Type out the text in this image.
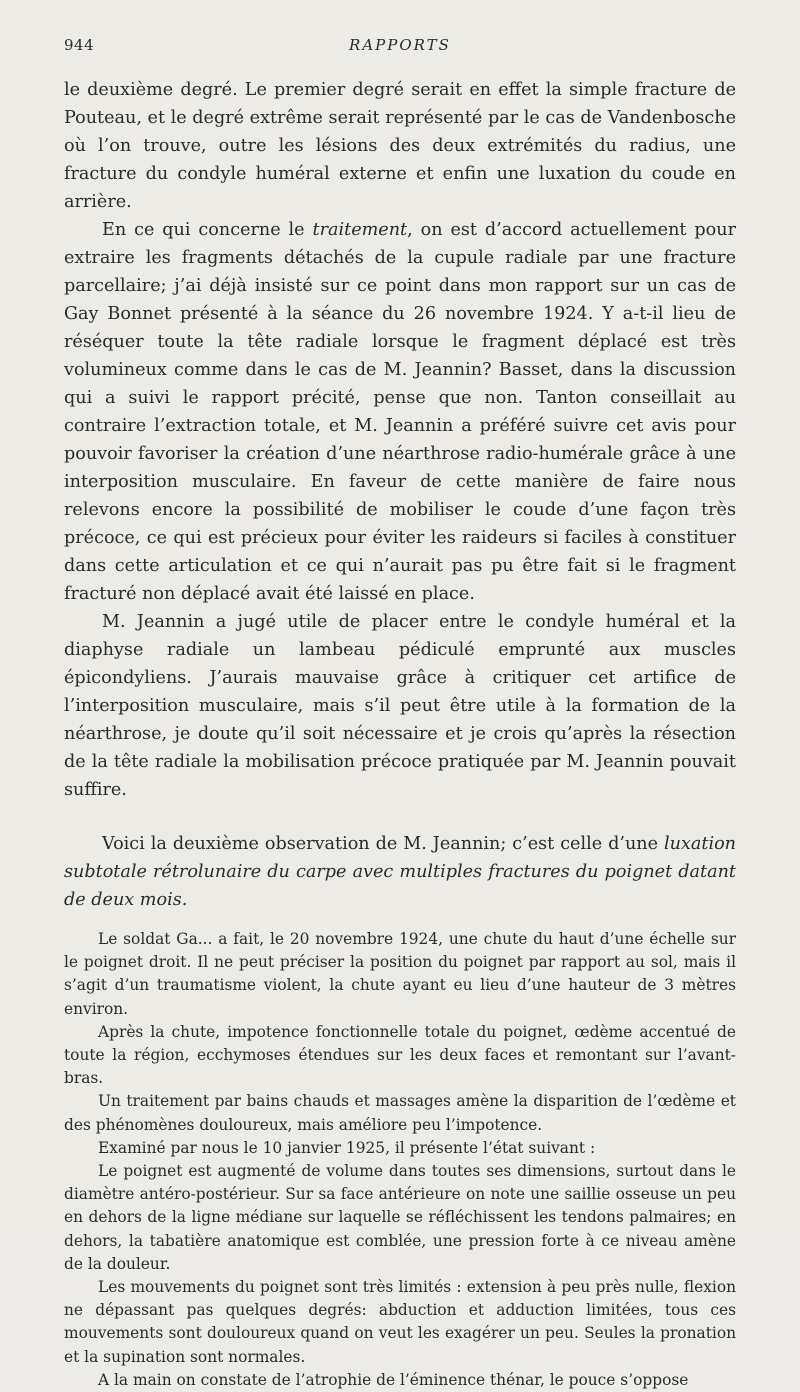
944	RAPPORTS

le deuxième degré. Le premier degré serait en effet la simple fracture de Pouteau, et le degré extrême serait représenté par le cas de Vandenbosche où l’on trouve, outre les lésions des deux extrémités du radius, une fracture du condyle huméral externe et enfin une luxation du coude en arrière.

En ce qui concerne le traitement, on est d’accord actuellement pour extraire les fragments détachés de la cupule radiale par une fracture parcellaire; j’ai déjà insisté sur ce point dans mon rapport sur un cas de Gay Bonnet présenté à la séance du 26 novembre 1924. Y a-t-il lieu de réséquer toute la tête radiale lorsque le fragment déplacé est très volumineux comme dans le cas de M. Jeannin? Basset, dans la discussion qui a suivi le rapport précité, pense que non. Tanton conseillait au contraire l’extraction totale, et M. Jeannin a préféré suivre cet avis pour pouvoir favoriser la création d’une néarthrose radio-humérale grâce à une interposition musculaire. En faveur de cette manière de faire nous relevons encore la possibilité de mobiliser le coude d’une façon très précoce, ce qui est précieux pour éviter les raideurs si faciles à constituer dans cette articulation et ce qui n’aurait pas pu être fait si le fragment fracturé non déplacé avait été laissé en place.

M. Jeannin a jugé utile de placer entre le condyle huméral et la diaphyse radiale un lambeau pédiculé emprunté aux muscles épicondyliens. J’aurais mauvaise grâce à critiquer cet artifice de l’interposition musculaire, mais s’il peut être utile à la formation de la néarthrose, je doute qu’il soit nécessaire et je crois qu’après la résection de la tête radiale la mobilisation précoce pratiquée par M. Jeannin pouvait suffire.

Voici la deuxième observation de M. Jeannin; c’est celle d’une luxation subtotale rétrolunaire du carpe avec multiples fractures du poignet datant de deux mois.

Le soldat Ga... a fait, le 20 novembre 1924, une chute du haut d’une échelle sur le poignet droit. Il ne peut préciser la position du poignet par rapport au sol, mais il s’agit d’un traumatisme violent, la chute ayant eu lieu d’une hauteur de 3 mètres environ.

Après la chute, impotence fonctionnelle totale du poignet, œdème accentué de toute la région, ecchymoses étendues sur les deux faces et remontant sur l’avant-bras.

Un traitement par bains chauds et massages amène la disparition de l’œdème et des phénomènes douloureux, mais améliore peu l’impotence.

Examiné par nous le 10 janvier 1925, il présente l’état suivant :

Le poignet est augmenté de volume dans toutes ses dimensions, surtout dans le diamètre antéro-postérieur. Sur sa face antérieure on note une saillie osseuse un peu en dehors de la ligne médiane sur laquelle se réfléchissent les tendons palmaires; en dehors, la tabatière anatomique est comblée, une pression forte à ce niveau amène de la douleur.

Les mouvements du poignet sont très limités : extension à peu près nulle, flexion ne dépassant pas quelques degrés: abduction et adduction limitées, tous ces mouvements sont douloureux quand on veut les exagérer un peu. Seules la pronation et la supination sont normales.

A la main on constate de l’atrophie de l’éminence thénar, le pouce s’oppose
